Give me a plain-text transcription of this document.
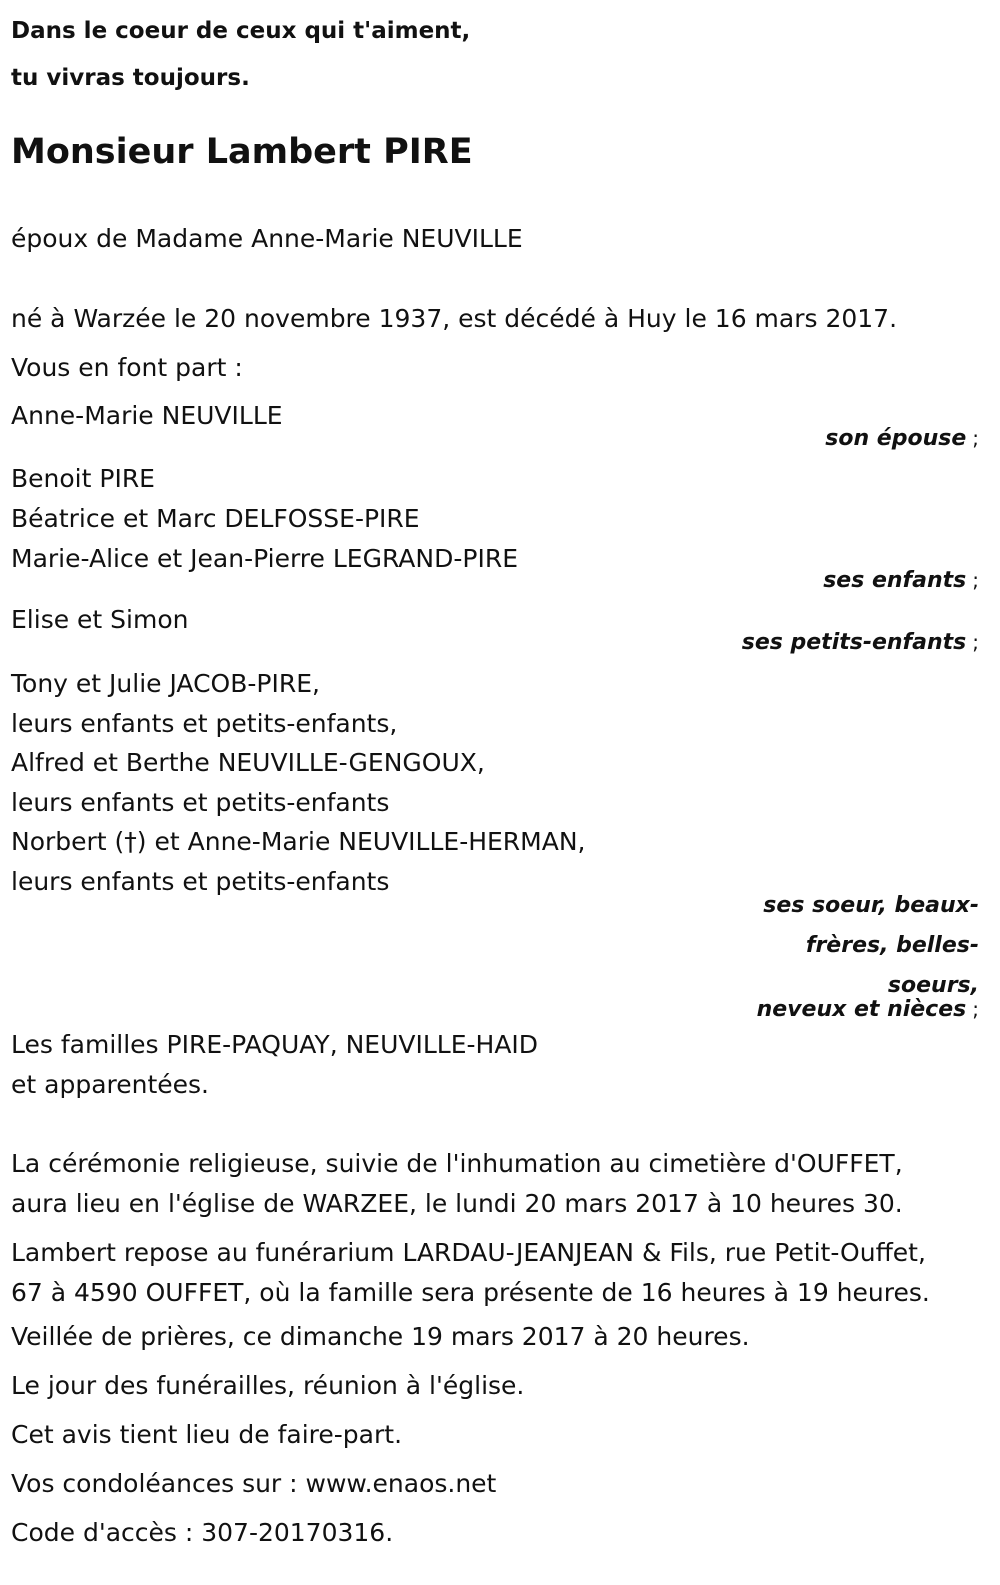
Dans le coeur de ceux qui t'aiment,
tu vivras toujours.
Monsieur Lambert PIRE
époux de Madame Anne-Marie NEUVILLE
né à Warzée le 20 novembre 1937, est décédé à Huy le 16 mars 2017.
Vous en font part :
Anne-Marie NEUVILLE
son épouse ;
Benoit PIRE
Béatrice et Marc DELFOSSE-PIRE
Marie-Alice et Jean-Pierre LEGRAND-PIRE
ses enfants ;
Elise et Simon
ses petits-enfants ;
Tony et Julie JACOB-PIRE,
leurs enfants et petits-enfants,
Alfred et Berthe NEUVILLE-GENGOUX,
leurs enfants et petits-enfants
Norbert (†) et Anne-Marie NEUVILLE-HERMAN,
leurs enfants et petits-enfants
ses soeur, beaux-
frères, belles-
soeurs,
neveux et nièces ;
Les familles PIRE-PAQUAY, NEUVILLE-HAID
et apparentées.
La cérémonie religieuse, suivie de l'inhumation au cimetière d'OUFFET,
aura lieu en l'église de WARZEE, le lundi 20 mars 2017 à 10 heures 30.
Lambert repose au funérarium LARDAU-JEANJEAN & Fils, rue Petit-Ouffet,
67 à 4590 OUFFET, où la famille sera présente de 16 heures à 19 heures.
Veillée de prières, ce dimanche 19 mars 2017 à 20 heures.
Le jour des funérailles, réunion à l'église.
Cet avis tient lieu de faire-part.
Vos condoléances sur : www.enaos.net
Code d'accès : 307-20170316.
